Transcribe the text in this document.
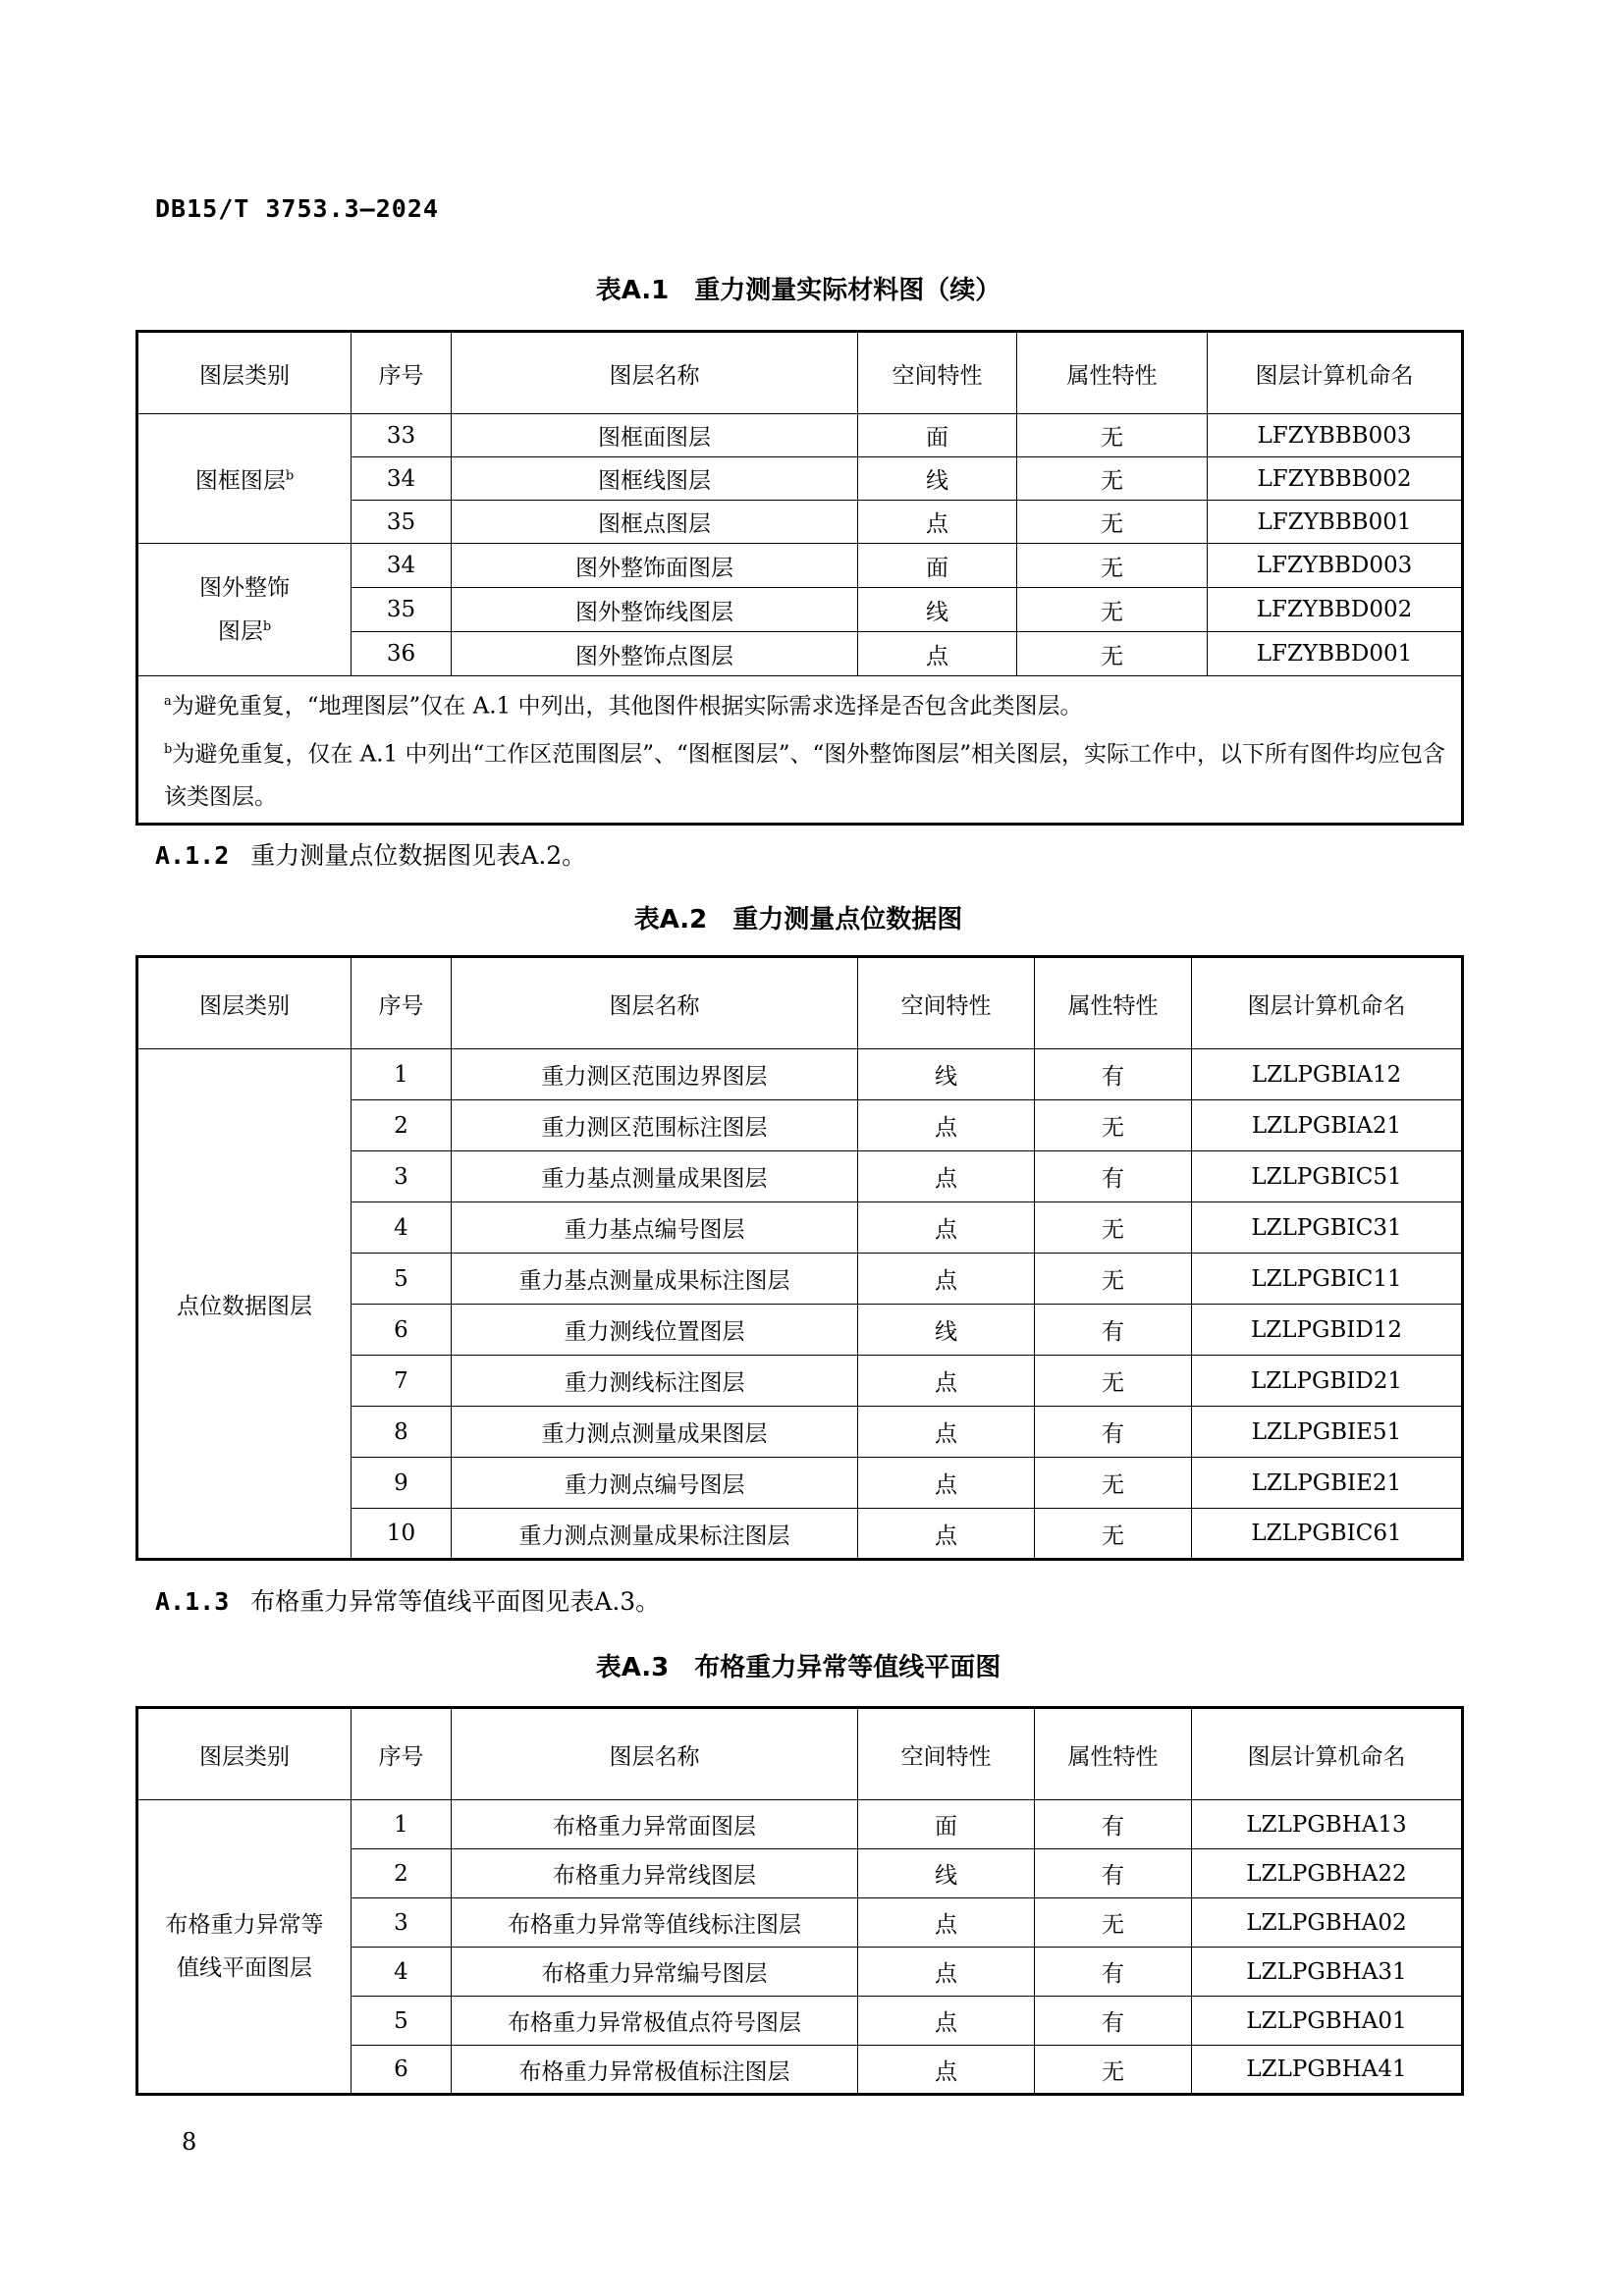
DB15/T 3753.3—2024
表A.1　重力测量实际材料图（续）
图层类别	序号	图层名称	空间特性	属性特性	图层计算机命名
图框图层$^b$	33	图框面图层	面	无	LFZYBBB003
	34	图框线图层	线	无	LFZYBBB002
	35	图框点图层	点	无	LFZYBBB001
图外整饰
图层$^b$	34	图外整饰面图层	面	无	LFZYBBD003
	35	图外整饰线图层	线	无	LFZYBBD002
	36	图外整饰点图层	点	无	LFZYBBD001

$^a$为避免重复，“地理图层”仅在 A.1 中列出，其他图件根据实际需求选择是否包含此类图层。
$^b$为避免重复，仅在 A.1 中列出“工作区范围图层”、“图框图层”、“图外整饰图层”相关图层，实际工作中，以下所有图件均应包含该类图层。					
A.1.2 重力测量点位数据图见表A.2。
表A.2　重力测量点位数据图
图层类别	序号	图层名称	空间特性	属性特性	图层计算机命名
点位数据图层	1	重力测区范围边界图层	线	有	LZLPGBIA12
	2	重力测区范围标注图层	点	无	LZLPGBIA21
	3	重力基点测量成果图层	点	有	LZLPGBIC51
	4	重力基点编号图层	点	无	LZLPGBIC31
	5	重力基点测量成果标注图层	点	无	LZLPGBIC11
	6	重力测线位置图层	线	有	LZLPGBID12
	7	重力测线标注图层	点	无	LZLPGBID21
	8	重力测点测量成果图层	点	有	LZLPGBIE51
	9	重力测点编号图层	点	无	LZLPGBIE21
	10	重力测点测量成果标注图层	点	无	LZLPGBIC61
A.1.3 布格重力异常等值线平面图见表A.3。
表A.3　布格重力异常等值线平面图
图层类别	序号	图层名称	空间特性	属性特性	图层计算机命名
布格重力异常等
值线平面图层	1	布格重力异常面图层	面	有	LZLPGBHA13
	2	布格重力异常线图层	线	有	LZLPGBHA22
	3	布格重力异常等值线标注图层	点	无	LZLPGBHA02
	4	布格重力异常编号图层	点	有	LZLPGBHA31
	5	布格重力异常极值点符号图层	点	有	LZLPGBHA01
	6	布格重力异常极值标注图层	点	无	LZLPGBHA41
8
